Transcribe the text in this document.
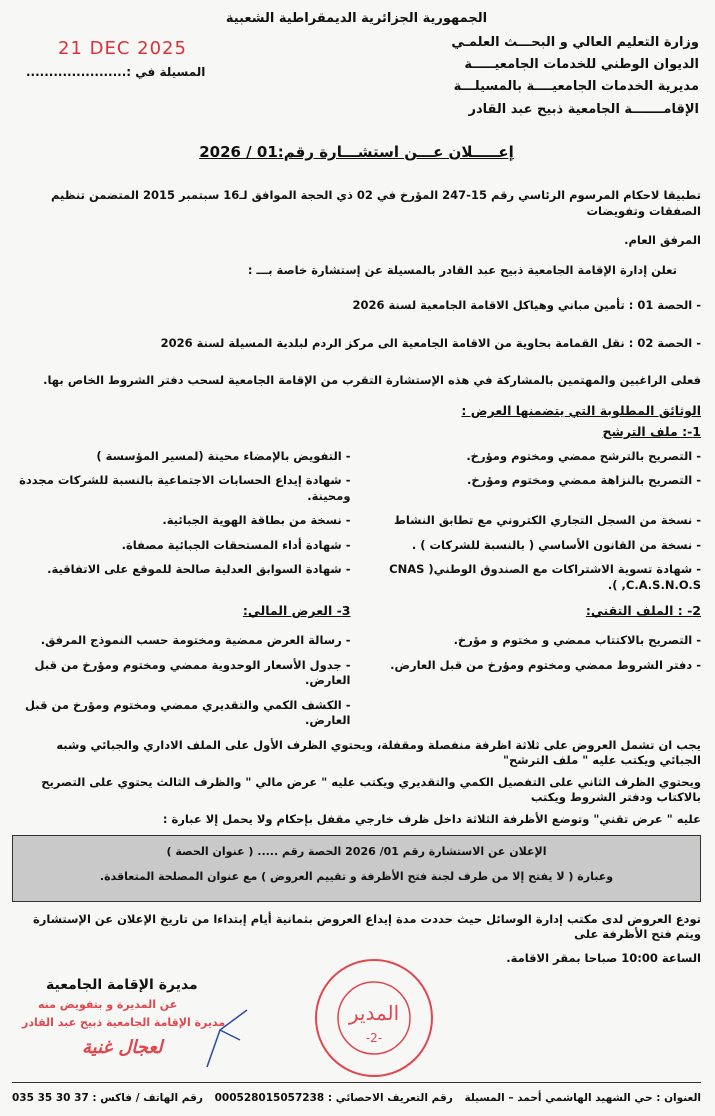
الجمهورية الجزائرية الديمقراطية الشعبية
وزارة التعليم العالي و البحـــث العلمـي
الديوان الوطني للخدمات الجامعيـــــة
مديرية الخدمات الجامعيــــة بالمسيلـــة
الإقامـــــــة الجامعية ذبيح عبد القادر
21 DEC 2025
المسيلة في :......................
إعـــــلان عـــن استشـــارة رقم:01 / 2026
تطبيقا لاحكام المرسوم الرئاسي رقم 15-247 المؤرخ في 02 ذي الحجة الموافق لـ16 سبتمبر 2015 المتضمن تنظيم الصفقات وتفويضات
المرفق العام.
تعلن إدارة الإقامة الجامعية ذبيح عبد القادر بالمسيلة عن إستشارة خاصة بـــ :
- الحصة 01 : تأمين مباني وهياكل الاقامة الجامعية لسنة 2026
- الحصة 02 : نقل القمامة بحاوية من الاقامة الجامعية الى مركز الردم لبلدية المسيلة لسنة 2026
فعلى الراغبين والمهتمين بالمشاركة في هذه الإستشارة التقرب من الإقامة الجامعية لسحب دفتر الشروط الخاص بها.
الوثائق المطلوبة التي يتضمنها العرض :
1-: ملف الترشح
- التصريح بالترشح ممضي ومختوم ومؤرخ.
- التفويض بالإمضاء محينة (لمسير المؤسسة )
- التصريح بالنزاهة ممضي ومختوم ومؤرخ.
- شهادة إيداع الحسابات الاجتماعية بالنسبة للشركات مجددة ومحينة.
- نسخة من السجل التجاري الكتروني مع تطابق النشاط
- نسخة من بطاقة الهوية الجبائية.
- نسخة من القانون الأساسي ( بالنسبة للشركات ) .
- شهادة أداء المستحقات الجبائية مصفاة.
- شهادة تسوية الاشتراكات مع الصندوق الوطني( CNAS ,C.A.S.N.O.S ).
- شهادة السوابق العدلية صالحة للموقع على الاتفاقية.
2- : الملف التقني:
3- العرض المالي:
- التصريح بالاكتتاب ممضي و مختوم و مؤرخ.
- رسالة العرض ممضية ومختومة حسب النموذج المرفق.
- دفتر الشروط ممضي ومختوم ومؤرخ من قبل العارض.
- جدول الأسعار الوحدوية ممضي ومختوم ومؤرخ من قبل العارض.
- الكشف الكمي والتقديري ممضي ومختوم ومؤرخ من قبل العارض.
يجب ان تشمل العروض على ثلاثة اظرفة منفصلة ومقفلة، ويحتوي الظرف الأول على الملف الاداري والجبائي وشبه الجبائي ويكتب عليه " ملف الترشح"
ويحتوي الظرف الثاني على التفصيل الكمي والتقديري ويكتب عليه " عرض مالي " والظرف الثالث يحتوي على التصريح بالاكتاب ودفتر الشروط ويكتب
عليه " عرض تقني" وتوضع الأظرفة الثلاثة داخل ظرف خارجي مقفل بإحكام ولا يحمل إلا عبارة :
الإعلان عن الاستشارة رقم 01/ 2026 الحصة رقم ..... ( عنوان الحصة )
وعبارة ( لا يفتح إلا من طرف لجنة فتح الأظرفة و تقييم العروض ) مع عنوان المصلحة المتعاقدة.
تودع العروض لدى مكتب إدارة الوسائل حيث حددت مدة إيداع العروض بثمانية أيام إبتداءا من تاريخ الإعلان عن الإستشارة ويتم فتح الأظرفة على
الساعة 10:00 صباحا بمقر الاقامة.
المدير
-2-
مديرة الإقامة الجامعية
عن المديرة و بتفويض منه
مديرة الإقامة الجامعية ذبيح عبد القادر
لعجال غنية
العنوان : حي الشهيد الهاشمي أحمد – المسيلة
رقم التعريف الاحصائي : 000528015057238
رقم الهاتف / فاكس : 37 30 35 035
